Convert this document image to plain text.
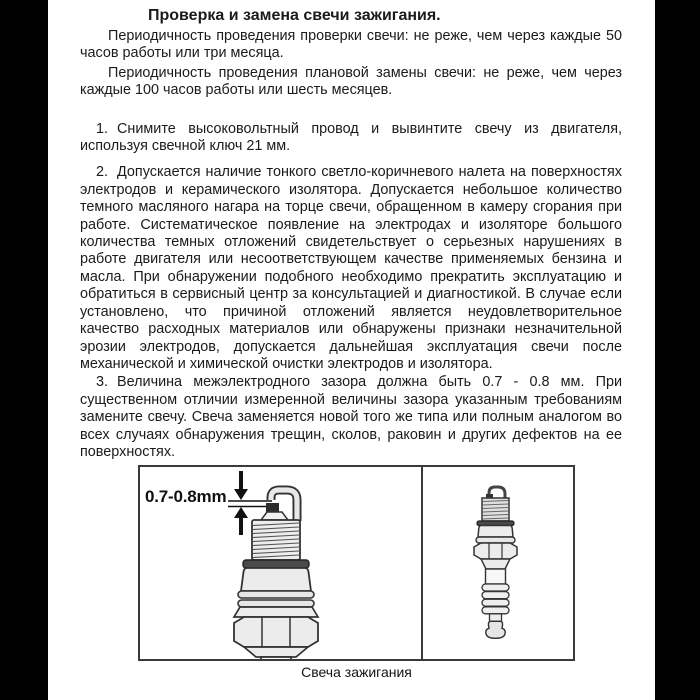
Проверка и замена свечи зажигания.

Периодичность проведения проверки свечи: не реже, чем через каждые 50 часов работы или три месяца.

Периодичность проведения плановой замены свечи: не реже, чем через каждые 100 часов работы или шесть месяцев.

1. Снимите высоковольтный провод и вывинтите свечу из двигателя, используя свечной ключ 21 мм.

2. Допускается наличие тонкого светло-коричневого налета на поверхностях электродов и керамического изолятора. Допускается небольшое количество темного масляного нагара на торце свечи, обращенном в камеру сгорания при работе. Систематическое появление на электродах и изоляторе большого количества темных отложений свидетельствует о серьезных нарушениях в работе двигателя или несоответствующем качестве применяемых бензина и масла. При обнаружении подобного необходимо прекратить эксплуатацию и обратиться в сервисный центр за консультацией и диагностикой. В случае если установлено, что причиной отложений является неудовлетворительное качество расходных материалов или обнаружены признаки незначительной эрозии электродов, допускается дальнейшая эксплуатация свечи после механической и химической очистки электродов и изолятора.

3. Величина межэлектродного зазора должна быть 0.7 - 0.8 мм. При существенном отличии измеренной величины зазора указанным требованиям замените свечу. Свеча заменяется новой того же типа или полным аналогом во всех случаях обнаружения трещин, сколов, раковин и других дефектов на ее поверхностях.

0.7-0.8mm
Свеча зажигания
